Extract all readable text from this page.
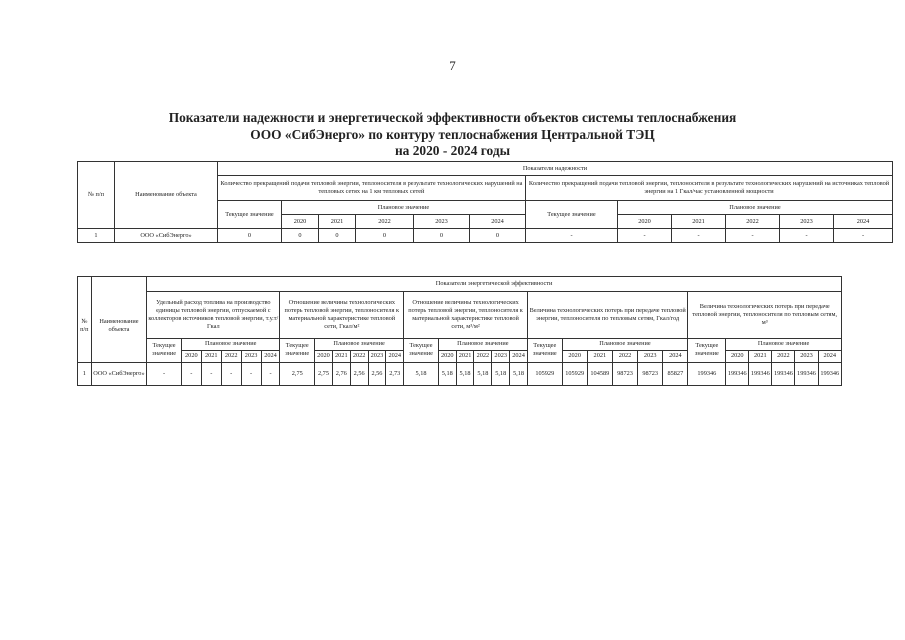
7
Показатели надежности и энергетической эффективности объектов системы теплоснабжения
ООО «СибЭнерго» по контуру теплоснабжения Центральной ТЭЦ
на 2020 - 2024 годы
№ п/п	Наименование объекта	Показатели надежности											
		Количество прекращений подачи тепловой энергии, теплоносителя в результате технологических нарушений на тепловых сетях на 1 км тепловых сетей						Количество прекращений подачи тепловой энергии, теплоносителя в результате технологических нарушений на источниках тепловой энергии на 1 Гкал/час установленной мощности					
		Текущее значение	Плановое значение					Текущее значение	Плановое значение				
			2020	2021	2022	2023	2024		2020	2021	2022	2023	2024
1	ООО «СибЭнерго»	0	0	0	0	0	0	-	-	-	-	-	-
		Показатели энергетической эффективности																													
№ п/п	Наименование объекта	Удельный расход топлива на производство единицы тепловой энергии, отпускаемой с коллекторов источников тепловой энергии, т.у.т/Гкал						Отношение величины технологических потерь тепловой энергии, теплоносителя к материальной характеристике тепловой сети, Гкал/м²						Отношение величины технологических потерь тепловой энергии, теплоносителя к материальной характеристике тепловой сети, м³/м²						Величина технологических потерь при передаче тепловой энергии, теплоносителя по тепловым сетям, Гкал/год						Величина технологических потерь при передаче тепловой энергии, теплоносителя по тепловым сетям, м³					
		Текущее значение	Плановое значение					Текущее значение	Плановое значение					Текущее значение	Плановое значение					Текущее значение	Плановое значение					Текущее значение	Плановое значение				
			2020	2021	2022	2023	2024		2020	2021	2022	2023	2024		2020	2021	2022	2023	2024		2020	2021	2022	2023	2024		2020	2021	2022	2023	2024
1	ООО «СибЭнерго»	-	-	-	-	-	-	2,75	2,75	2,76	2,56	2,56	2,73	5,18	5,18	5,18	5,18	5,18	5,18	105929	105929	104589	98723	98723	85827	199346	199346	199346	199346	199346	199346
